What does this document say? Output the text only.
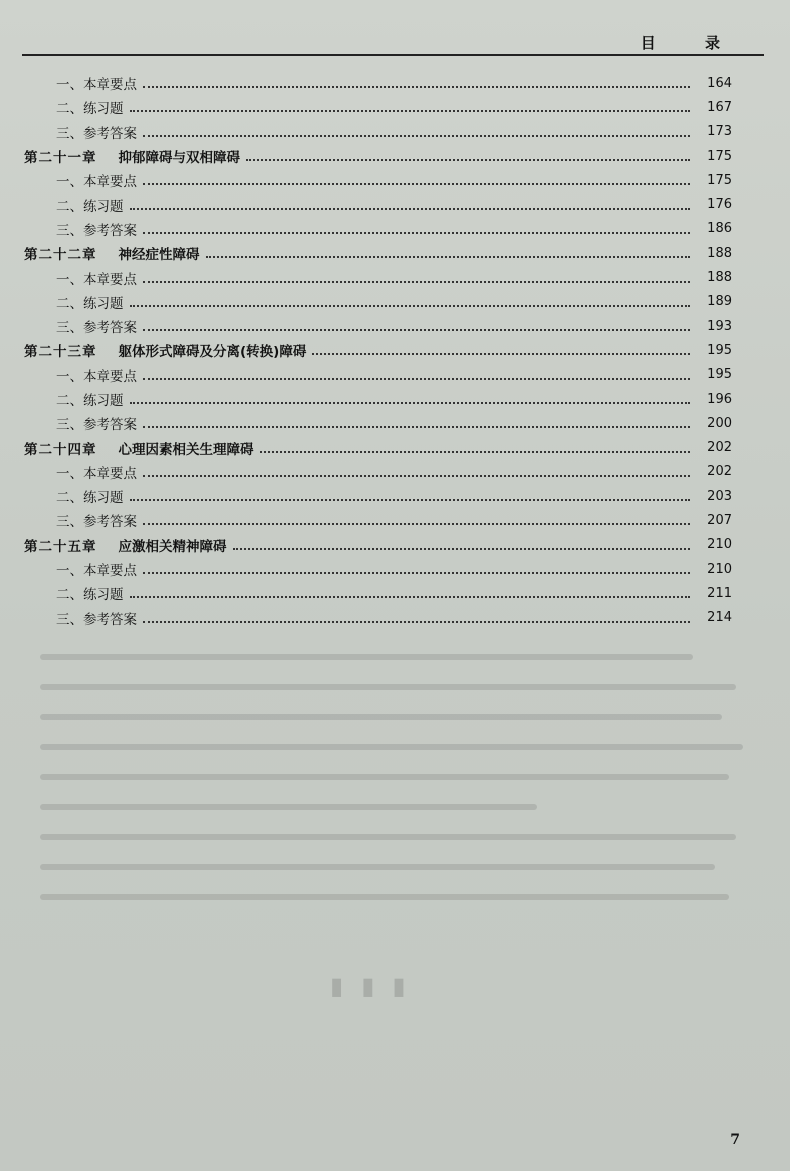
目 录
一、本章要点	164
二、练习题	167
三、参考答案	173
第二十一章	抑郁障碍与双相障碍	175
一、本章要点	175
二、练习题	176
三、参考答案	186
第二十二章	神经症性障碍	188
一、本章要点	188
二、练习题	189
三、参考答案	193
第二十三章	躯体形式障碍及分离(转换)障碍	195
一、本章要点	195
二、练习题	196
三、参考答案	200
第二十四章	心理因素相关生理障碍	202
一、本章要点	202
二、练习题	203
三、参考答案	207
第二十五章	应激相关精神障碍	210
一、本章要点	210
二、练习题	211
三、参考答案	214
▮▮▮
7
